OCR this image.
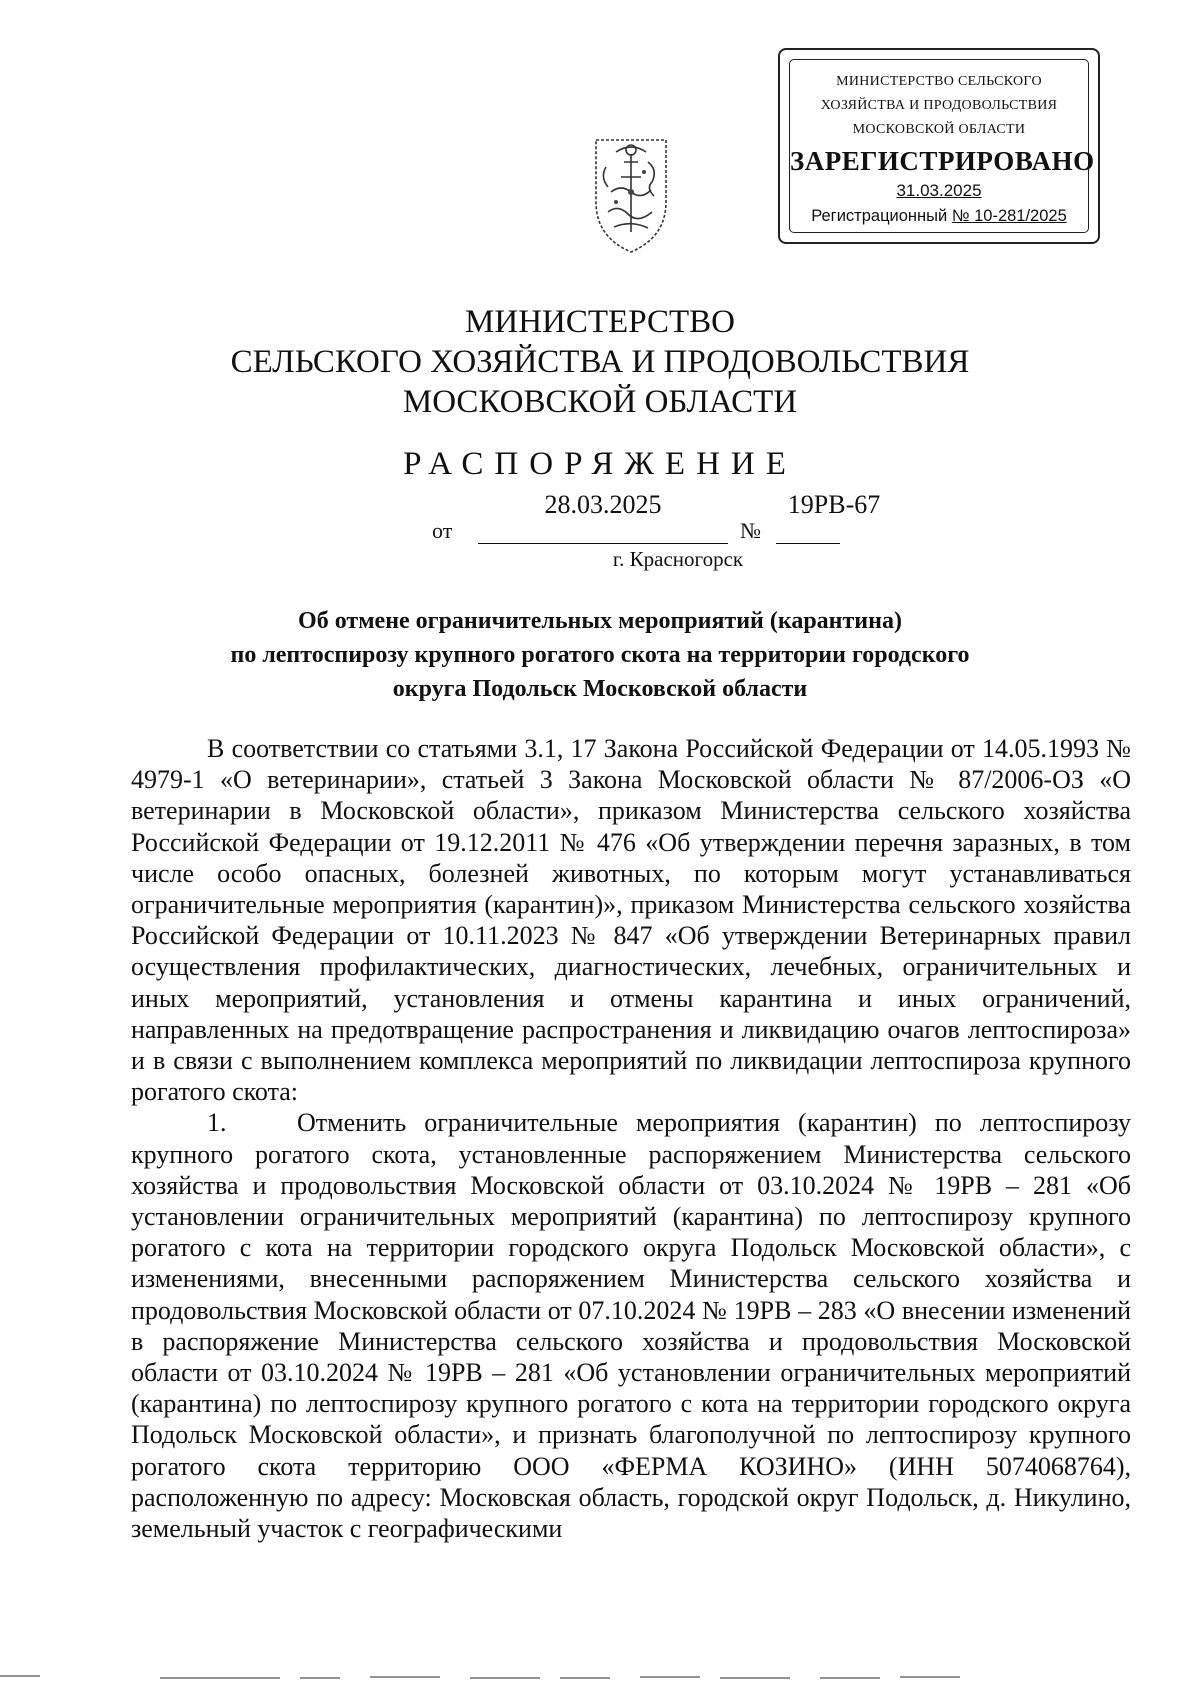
МИНИСТЕРСТВО СЕЛЬСКОГО
ХОЗЯЙСТВА И ПРОДОВОЛЬСТВИЯ
МОСКОВСКОЙ ОБЛАСТИ
ЗАРЕГИСТРИРОВАНО
31.03.2025
Регистрационный № 10-281/2025
МИНИСТЕРСТВО
СЕЛЬСКОГО ХОЗЯЙСТВА И ПРОДОВОЛЬСТВИЯ
МОСКОВСКОЙ ОБЛАСТИ
РАСПОРЯЖЕНИЕ
от
28.03.2025
№
19РВ-67
г. Красногорск
Об отмене ограничительных мероприятий (карантина)
по лептоспирозу крупного рогатого скота на территории городского
округа Подольск Московской области

В соответствии со статьями 3.1, 17 Закона Российской Федерации от 14.05.1993 № 4979-1 «О ветеринарии», статьей 3 Закона Московской области № 87/2006-ОЗ «О ветеринарии в Московской области», приказом Министерства сельского хозяйства Российской Федерации от 19.12.2011 № 476 «Об утверждении перечня заразных, в том числе особо опасных, болезней животных, по которым могут устанавливаться ограничительные мероприятия (карантин)», приказом Министерства сельского хозяйства Российской Федерации от 10.11.2023 № 847 «Об утверждении Ветеринарных правил осуществления профилактических, диагностических, лечебных, ограничительных и иных мероприятий, установления и отмены карантина и иных ограничений, направленных на предотвращение распространения и ликвидацию очагов лептоспироза» и в связи с выполнением комплекса мероприятий по ликвидации лептоспироза крупного рогатого скота:

1.	Отменить ограничительные мероприятия (карантин) по лептоспирозу крупного рогатого скота, установленные распоряжением Министерства сельского хозяйства и продовольствия Московской области от 03.10.2024 № 19РВ – 281 «Об установлении ограничительных мероприятий (карантина) по лептоспирозу крупного рогатого с кота на территории городского округа Подольск Московской области», с изменениями, внесенными распоряжением Министерства сельского хозяйства и продовольствия Московской области от 07.10.2024 № 19РВ – 283 «О внесении изменений в распоряжение Министерства сельского хозяйства и продовольствия Московской области от 03.10.2024 № 19РВ – 281 «Об установлении ограничительных мероприятий (карантина) по лептоспирозу крупного рогатого с кота на территории городского округа Подольск Московской области», и признать благополучной по лептоспирозу крупного рогатого скота территорию ООО «ФЕРМА КОЗИНО» (ИНН 5074068764), расположенную по адресу: Московская область, городской округ Подольск, д. Никулино, земельный участок с географическими
